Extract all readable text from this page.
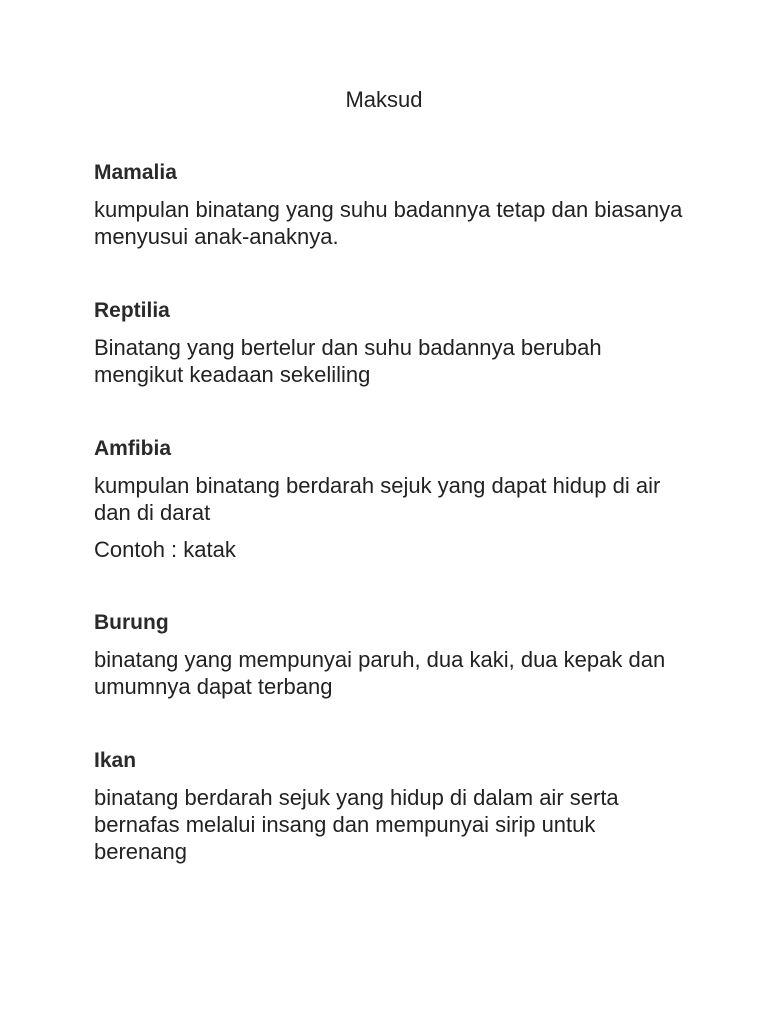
Maksud

Mamalia

kumpulan binatang yang suhu badannya tetap dan biasanya menyusui anak-anaknya.

Reptilia

Binatang yang bertelur dan suhu badannya berubah mengikut keadaan sekeliling

Amfibia

kumpulan binatang berdarah sejuk yang dapat hidup di air dan di darat

Contoh : katak

Burung

binatang yang mempunyai paruh, dua kaki, dua kepak dan umumnya dapat terbang

Ikan

binatang berdarah sejuk yang hidup di dalam air serta bernafas melalui insang dan mempunyai sirip untuk berenang
